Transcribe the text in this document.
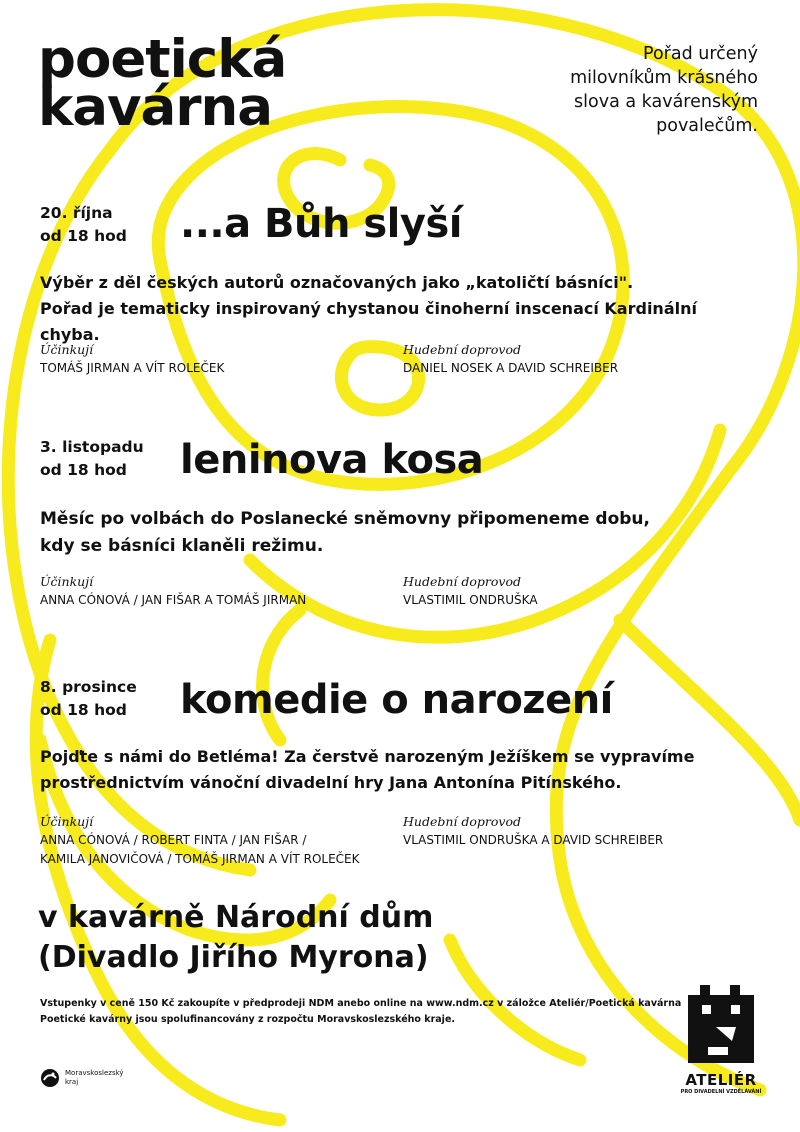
poetická
kavárna
Pořad určený
milovníkům krásného
slova a kavárenským
povalečům.
20. října
od 18 hod ...a Bůh slyší
Výběr z děl českých autorů označovaných jako „katoličtí básníci".
Pořad je tematicky inspirovaný chystanou činoherní inscenací Kardinální chyba.
Účinkují
TOMÁŠ JIRMAN A VÍT ROLEČEK
Hudební doprovod
DANIEL NOSEK A DAVID SCHREIBER
3. listopadu
od 18 hod	leninova kosa
Měsíc po volbách do Poslanecké sněmovny připomeneme dobu,
kdy se básníci klaněli režimu.
Účinkují
ANNA CÓNOVÁ / JAN FIŠAR A TOMÁŠ JIRMAN
Hudební doprovod
VLASTIMIL ONDRUŠKA
8. prosince
od 18 hod komedie o narození
Pojďte s námi do Betléma! Za čerstvě narozeným Ježíškem se vypravíme
prostřednictvím vánoční divadelní hry Jana Antonína Pitínského.
Účinkují
ANNA CÓNOVÁ / ROBERT FINTA / JAN FIŠAR /
KAMILA JANOVIČOVÁ / TOMÁŠ JIRMAN A VÍT ROLEČEK
Hudební doprovod
VLASTIMIL ONDRUŠKA A DAVID SCHREIBER
v kavárně Národní dům
(Divadlo Jiřího Myrona)
Vstupenky v ceně 150 Kč zakoupíte v předprodeji NDM anebo online na www.ndm.cz v záložce Ateliér/Poetická kavárna
Poetické kavárny jsou spolufinancovány z rozpočtu Moravskoslezského kraje.
Moravskoslezský
kraj	ATELIÉR
PRO DIVADELNÍ VZDĚLÁVÁNÍ
